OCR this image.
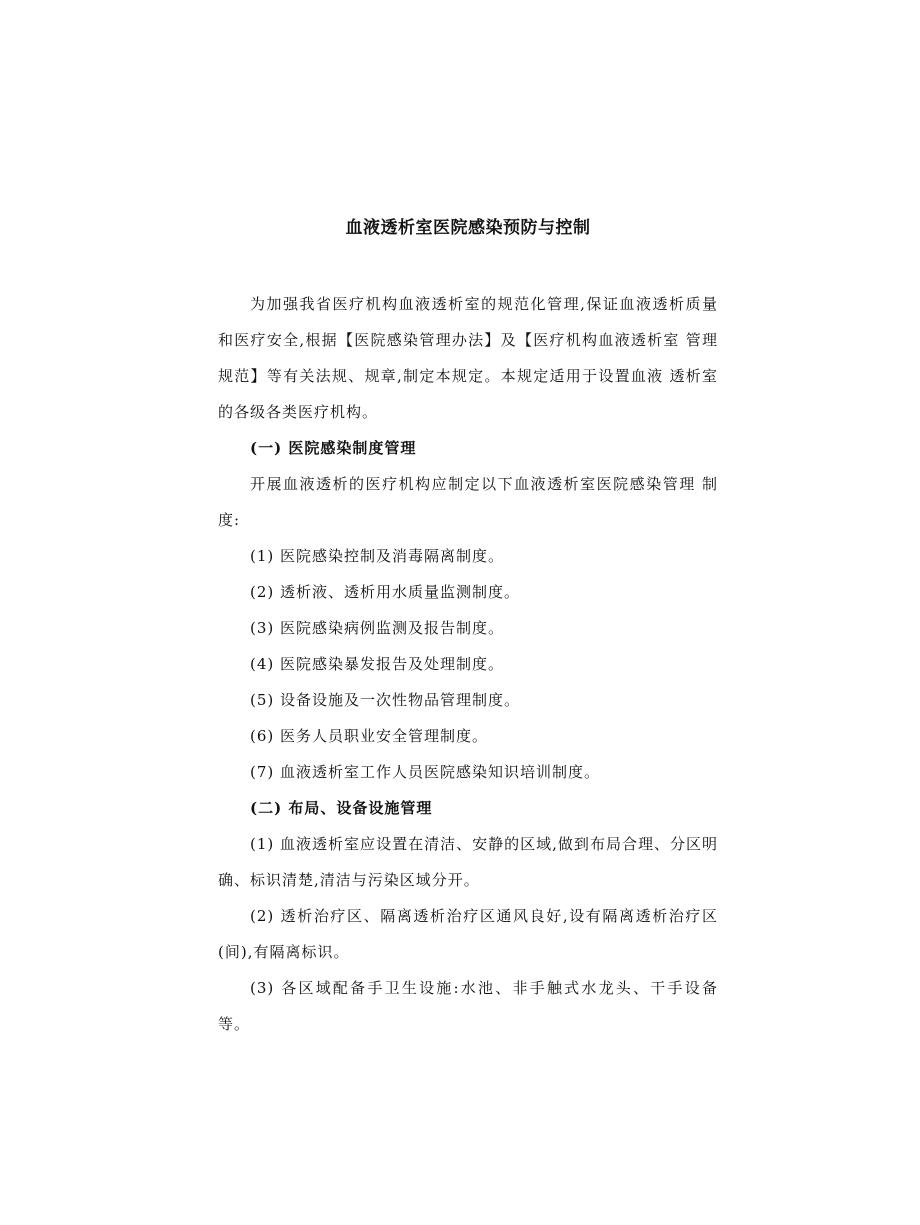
血液透析室医院感染预防与控制

为加强我省医疗机构血液透析室的规范化管理,保证血液透析质量和医疗安全,根据【医院感染管理办法】及【医疗机构血液透析室 管理规范】等有关法规、规章,制定本规定。本规定适用于设置血液 透析室的各级各类医疗机构。

(一) 医院感染制度管理

开展血液透析的医疗机构应制定以下血液透析室医院感染管理 制度:

(1) 医院感染控制及消毒隔离制度。

(2) 透析液、透析用水质量监测制度。

(3) 医院感染病例监测及报告制度。

(4) 医院感染暴发报告及处理制度。

(5) 设备设施及一次性物品管理制度。

(6) 医务人员职业安全管理制度。

(7) 血液透析室工作人员医院感染知识培训制度。

(二) 布局、设备设施管理

(1) 血液透析室应设置在清洁、安静的区域,做到布局合理、分区明确、标识清楚,清洁与污染区域分开。

(2) 透析治疗区、隔离透析治疗区通风良好,设有隔离透析治疗区 (间),有隔离标识。

(3) 各区域配备手卫生设施:水池、非手触式水龙头、干手设备等。
